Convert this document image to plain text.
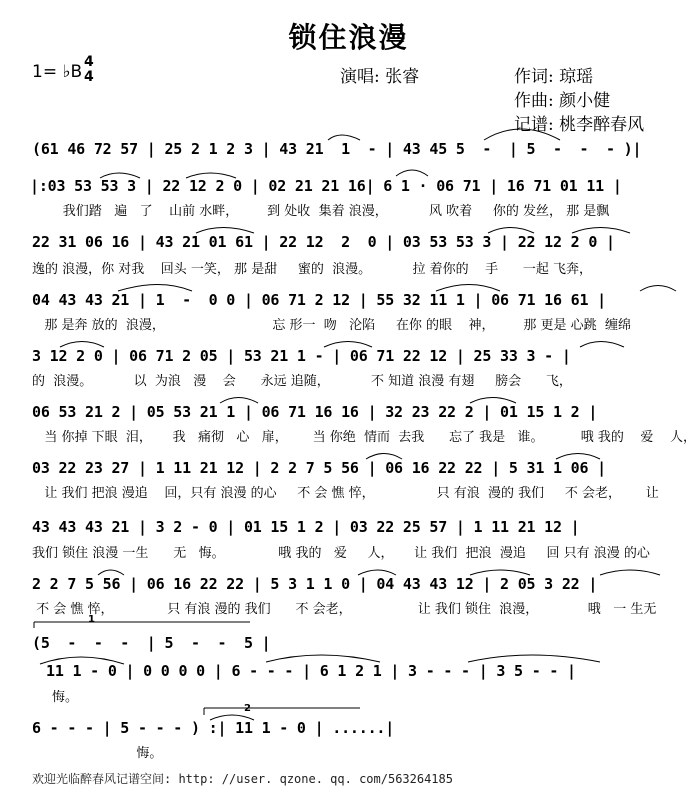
锁住浪漫
1= ♭B 4
4	演唱: 张睿	作词: 琼瑶
作曲: 颜小健
记谱: 桃李醉春风
(61 46 72 57 | 25 2 1 2 3 | 43 21  1  - | 43 45 5  -  | 5  -  -  - )|
|:03 53 53 3 | 22 12 2 0 | 02 21 21 16| 6 1 · 06 71 | 16 71 01 11 |
我们踏   遍   了    山前 水畔，       到 处收  集着 浪漫，          风 吹着     你的 发丝， 那 是飘
22 31 06 16 | 43 21 01 61 | 22 12  2  0 | 03 53 53 3 | 22 12 2 0 |
逸的 浪漫，你 对我    回头 一笑， 那 是甜     蜜的  浪漫。          拉 着你的    手      一起 飞奔，
04 43 43 21 | 1  -  0 0 | 06 71 2 12 | 55 32 11 1 | 06 71 16 61 |
那 是奔 放的  浪漫，                          忘 形一  吻   沦陷     在你 的眼    神，       那 更是 心跳  缠绵
3 12 2 0 | 06 71 2 05 | 53 21 1 - | 06 71 22 12 | 25 33 3 - |
的  浪漫。          以  为浪   漫    会      永远 追随，          不 知道 浪漫 有翅     膀会      飞，
06 53 21 2 | 05 53 21 1 | 06 71 16 16 | 32 23 22 2 | 01 15 1 2 |
当 你掉 下眼  泪，     我   痛彻   心   扉，      当 你绝  情而  去我      忘了 我是   谁。         哦 我的    爱    人，
03 22 23 27 | 1 11 21 12 | 2 2 7 5 56 | 06 16 22 22 | 5 31 1 06 |
让 我们 把浪 漫追    回，只有 浪漫 的心     不 会 憔 悴，               只 有浪  漫的 我们     不 会老，      让
43 43 43 21 | 3 2 - 0 | 01 15 1 2 | 03 22 25 57 | 1 11 21 12 |
我们 锁住 浪漫 一生      无   悔。             哦 我的   爱     人，     让 我们  把浪  漫追     回 只有 浪漫 的心
2 2 7 5 56 | 06 16 22 22 | 5 3 1 1 0 | 04 43 43 12 | 2 05 3 22 |
不 会 憔 悴，             只 有浪 漫的 我们      不 会老，                让 我们 锁住  浪漫，            哦   一 生无
1
(5  -  -  -  | 5  -  -  5 |
11 1 - 0 | 0 0 0 0 | 6 - - - | 6 1 2 1 | 3 - - - | 3 5 - - |
悔。
2
6 - - - | 5 - - - ) :| 11 1 - 0 | ......|
悔。
欢迎光临醉春风记谱空间: http: //user. qzone. qq. com/563264185
